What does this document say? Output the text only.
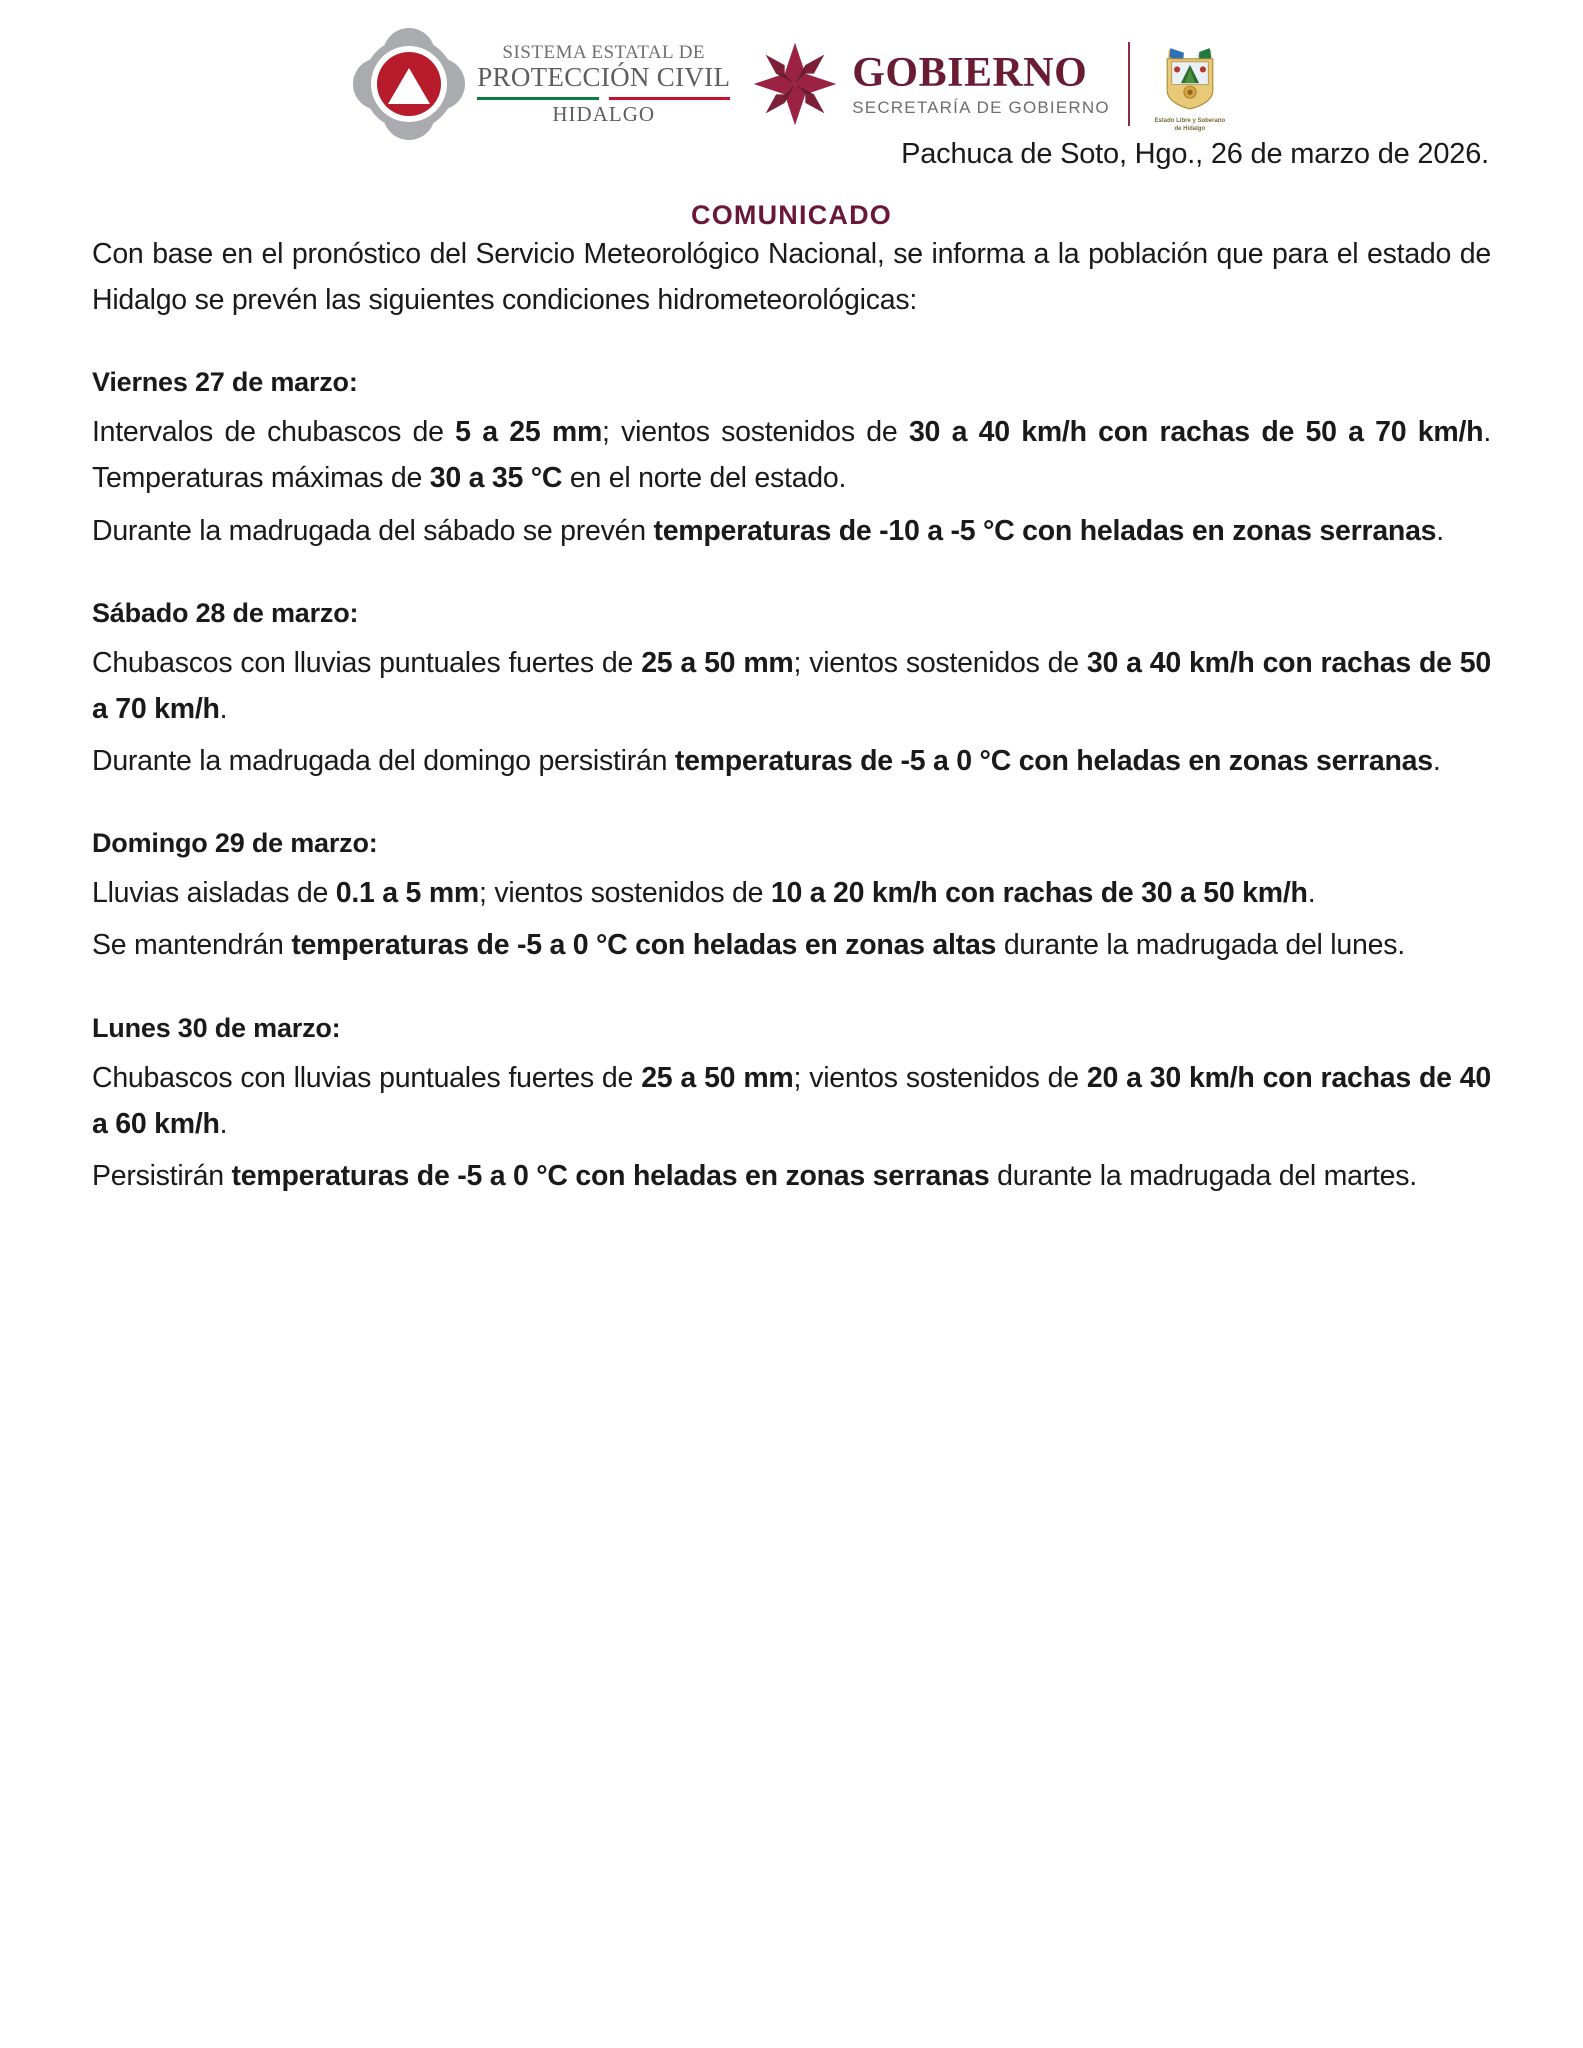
SISTEMA ESTATAL DE
PROTECCIÓN CIVIL
HIDALGO
GOBIERNO
SECRETARÍA DE GOBIERNO
Estado Libre y Soberano
de Hidalgo
Pachuca de Soto, Hgo., 26 de marzo de 2026.
COMUNICADO

Con base en el pronóstico del Servicio Meteorológico Nacional, se informa a la población que para el estado de Hidalgo se prevén las siguientes condiciones hidrometeorológicas:

Viernes 27 de marzo:

Intervalos de chubascos de 5 a 25 mm; vientos sostenidos de 30 a 40 km/h con rachas de 50 a 70 km/h. Temperaturas máximas de 30 a 35 °C en el norte del estado.

Durante la madrugada del sábado se prevén temperaturas de -10 a -5 °C con heladas en zonas serranas.

Sábado 28 de marzo:

Chubascos con lluvias puntuales fuertes de 25 a 50 mm; vientos sostenidos de 30 a 40 km/h con rachas de 50 a 70 km/h.

Durante la madrugada del domingo persistirán temperaturas de -5 a 0 °C con heladas en zonas serranas.

Domingo 29 de marzo:

Lluvias aisladas de 0.1 a 5 mm; vientos sostenidos de 10 a 20 km/h con rachas de 30 a 50 km/h.

Se mantendrán temperaturas de -5 a 0 °C con heladas en zonas altas durante la madrugada del lunes.

Lunes 30 de marzo:

Chubascos con lluvias puntuales fuertes de 25 a 50 mm; vientos sostenidos de 20 a 30 km/h con rachas de 40 a 60 km/h.

Persistirán temperaturas de -5 a 0 °C con heladas en zonas serranas durante la madrugada del martes.
